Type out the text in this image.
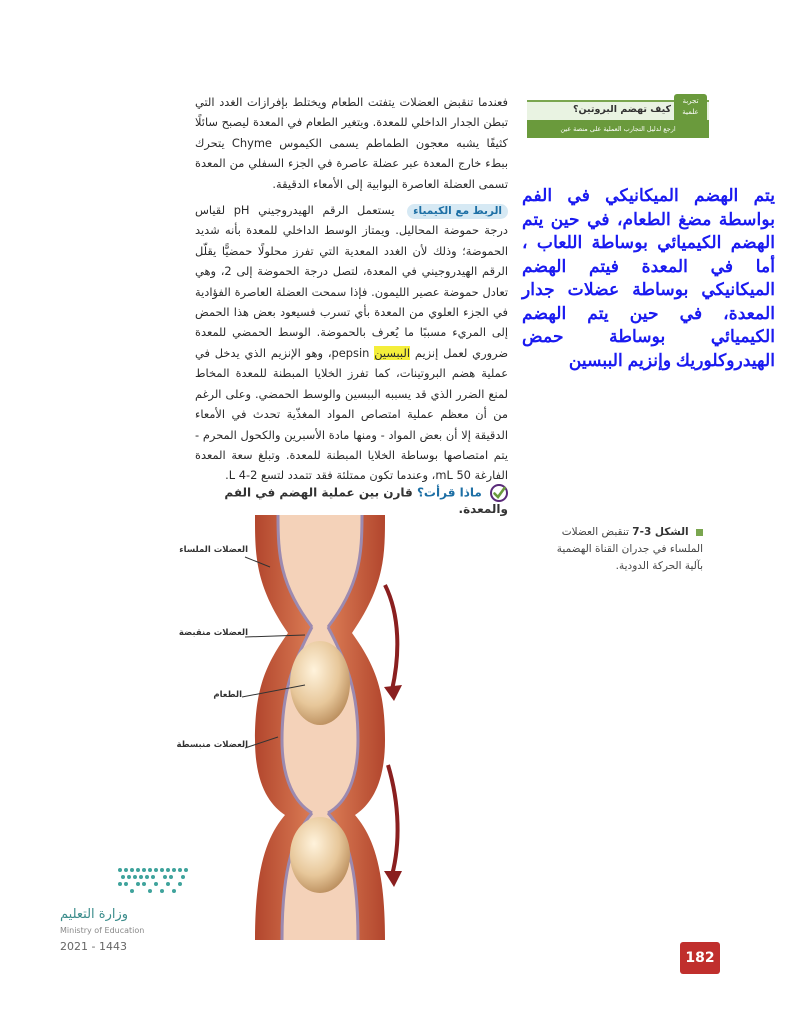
فعندما تنقبض العضلات يتفتت الطعام ويختلط بإفرازات الغدد التي تبطن الجدار الداخلي للمعدة. ويتغير الطعام في المعدة ليصبح سائلًا كثيفًا يشبه معجون الطماطم يسمى الكيموس Chyme يتحرك ببطء خارج المعدة عبر عضلة عاصرة في الجزء السفلي من المعدة تسمى العضلة العاصرة البوابية إلى الأمعاء الدقيقة.

الربط مع الكيمياء يستعمل الرقم الهيدروجيني pH لقياس درجة حموضة المحاليل. ويمتاز الوسط الداخلي للمعدة بأنه شديد الحموضة؛ وذلك لأن الغدد المعدية التي تفرز محلولًا حمضيًّا يقلّل الرقم الهيدروجيني في المعدة، لتصل درجة الحموضة إلى 2، وهي تعادل حموضة عصير الليمون. فإذا سمحت العضلة العاصرة الفؤادية في الجزء العلوي من المعدة بأي تسرب فسيعود بعض هذا الحمض إلى المريء مسببًا ما يُعرف بالحموضة. الوسط الحمضي للمعدة ضروري لعمل إنزيم الببسين pepsin، وهو الإنزيم الذي يدخل في عملية هضم البروتينات، كما تفرز الخلايا المبطنة للمعدة المخاط لمنع الضرر الذي قد يسببه الببسين والوسط الحمضي. وعلى الرغم من أن معظم عملية امتصاص المواد المغذّية تحدث في الأمعاء الدقيقة إلا أن بعض المواد - ومنها مادة الأسبرين والكحول المحرم - يتم امتصاصها بوساطة الخلايا المبطنة للمعدة. وتبلغ سعة المعدة الفارغة 50 mL، وعندما تكون ممتلئة فقد تتمدد لتسع L 4-2.

ماذا قرأت؟ قارن بين عملية الهضم في الفم والمعدة.
تجربة علمية
كيف تهضم البروتين؟
ارجع لدليل التجارب العملية على منصة عين
يتم الهضم الميكانيكي في الفم بواسطة مضغ الطعام، في حين يتم الهضم الكيميائي بوساطة اللعاب ، أما في المعدة فيتم الهضم الميكانيكي بوساطة عضلات جدار المعدة، في حين يتم الهضم الكيميائي بوساطة حمض الهيدروكلوريك وإنزيم الببسين
الشكل 3-7 تنقبض العضلات الملساء في جدران القناة الهضمية بآلية الحركة الدودية.
العضلات الملساء
العضلات منقبضة
الطعام
العضلات منبسطة
وزارة التعليم
Ministry of Education
2021 - 1443
182
